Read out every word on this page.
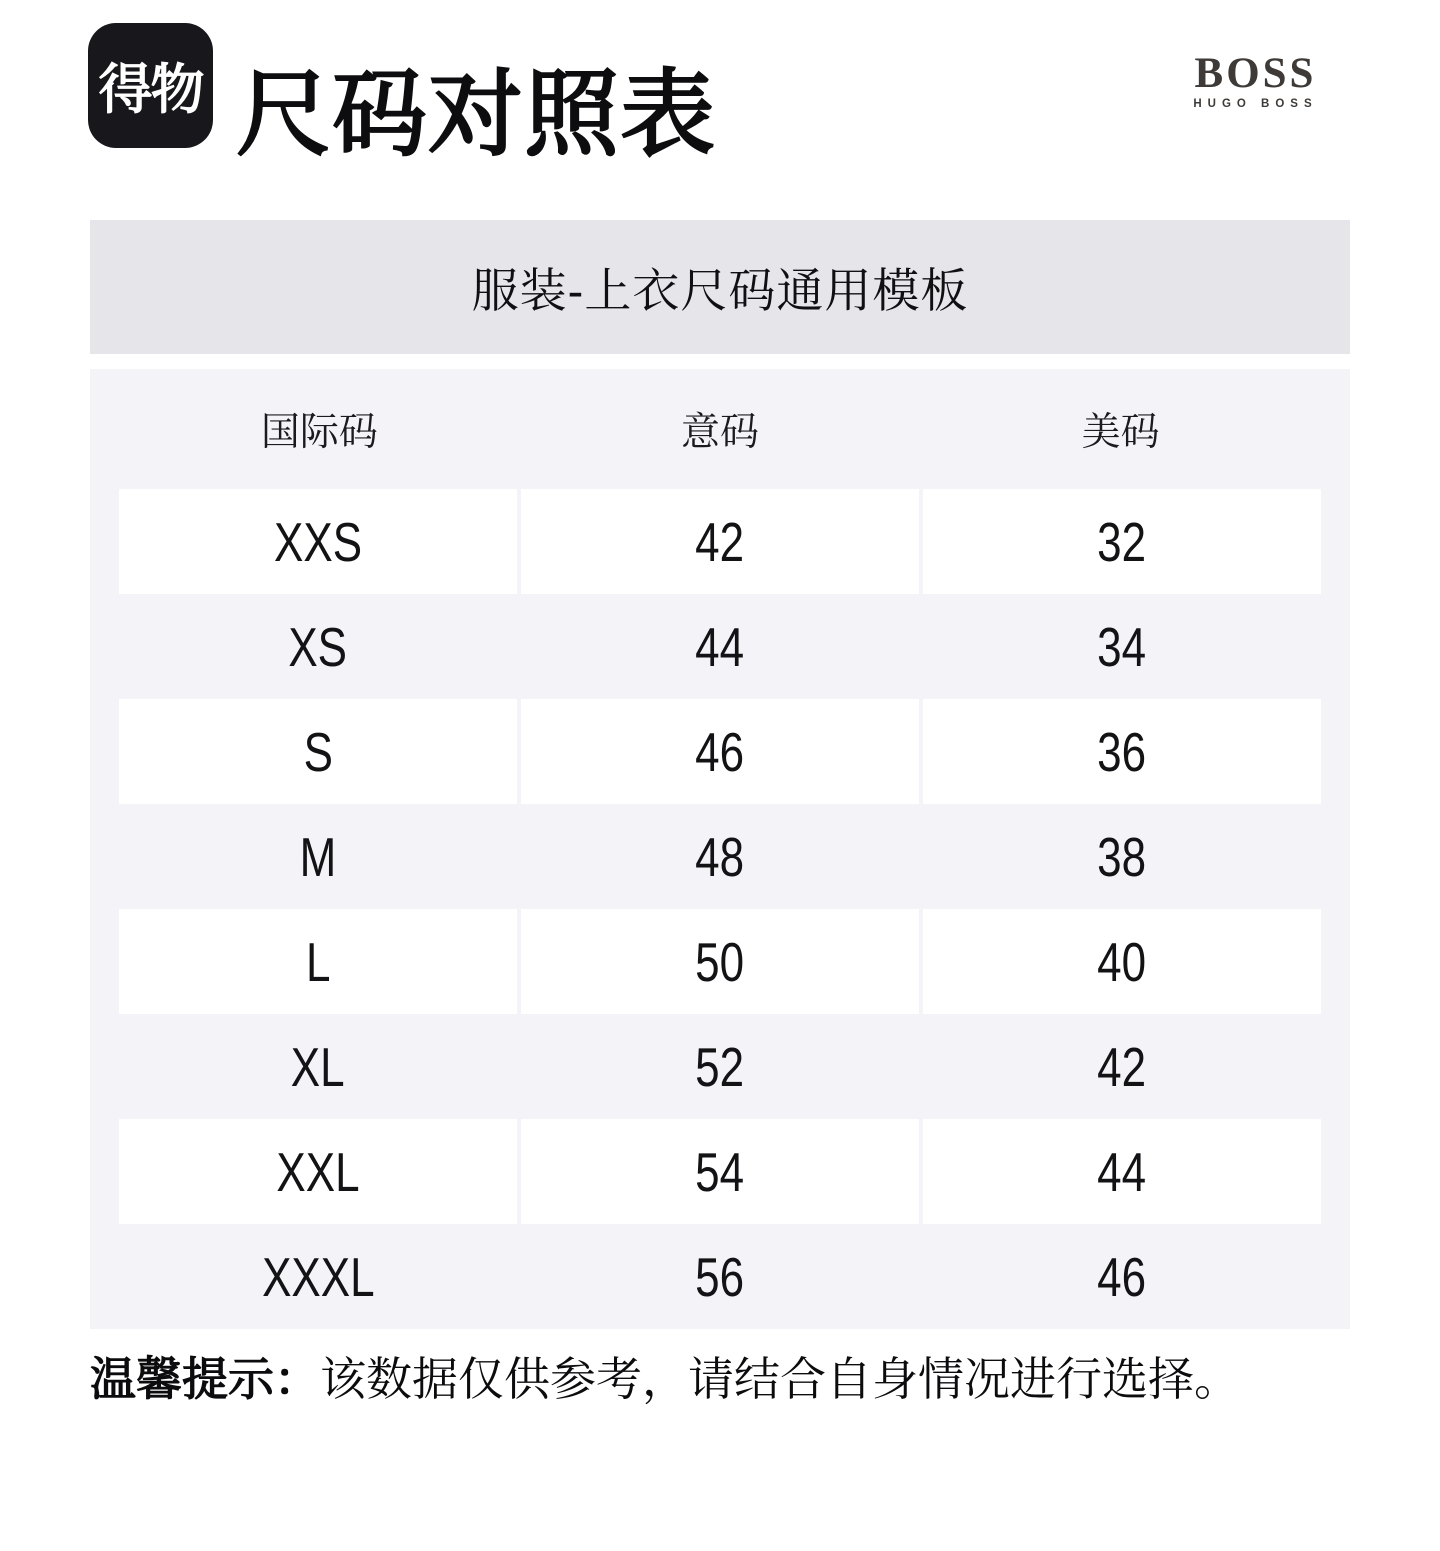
得物 尺码对照表	BOSS
HUGO BOSS
服装-上衣尺码通用模板
国际码	意码	美码
XXS	42	32
XS	44	34
S	46	36
M	48	38
L	50	40
XL	52	42
XXL	54	44
XXXL	56	46
温馨提示：该数据仅供参考，请结合自身情况进行选择。
